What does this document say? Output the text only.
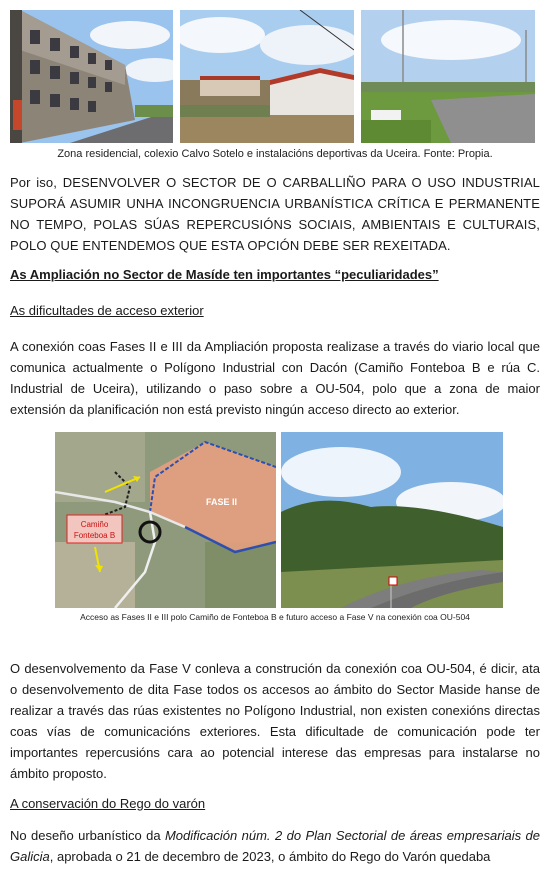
Zona residencial, colexio Calvo Sotelo e instalacións deportivas da Uceira. Fonte: Propia.

Por iso, DESENVOLVER O SECTOR DE O CARBALLIÑO PARA O USO INDUSTRIAL SUPORÁ ASUMIR UNHA INCONGRUENCIA URBANÍSTICA CRÍTICA E PERMANENTE NO TEMPO, POLAS SÚAS REPERCUSIÓNS SOCIAIS, AMBIENTAIS E CULTURAIS, POLO QUE ENTENDEMOS QUE ESTA OPCIÓN DEBE SER REXEITADA.

As Ampliación no Sector de Masíde ten importantes “peculiaridades”
As dificultades de acceso exterior

A conexión coas Fases II e III da Ampliación proposta realizase a través do viario local que comunica actualmente o Polígono Industrial con Dacón (Camiño Fonteboa B e rúa C. Industrial de Uceira), utilizando o paso sobre a OU-504, polo que a zona de maior extensión da planificación non está previsto ningún acceso directo ao exterior.

Camiño
Fonteboa B
FASE II
Acceso as Fases II e III polo Camiño de Fonteboa B e futuro acceso a Fase V na conexión coa OU-504

O desenvolvemento da Fase V conleva a construción da conexión coa OU-504, é dicir, ata o desenvolvemento de dita Fase todos os accesos ao ámbito do Sector Maside hanse de realizar a través das rúas existentes no Polígono Industrial, non existen conexións directas coas vías de comunicacións exteriores. Esta dificultade de comunicación pode ter importantes repercusións cara ao potencial interese das empresas para instalarse no ámbito proposto.

A conservación do Rego do varón

No deseño urbanístico da Modificación núm. 2 do Plan Sectorial de áreas empresariais de Galicia, aprobada o 21 de decembro de 2023, o ámbito do Rego do Varón quedaba
